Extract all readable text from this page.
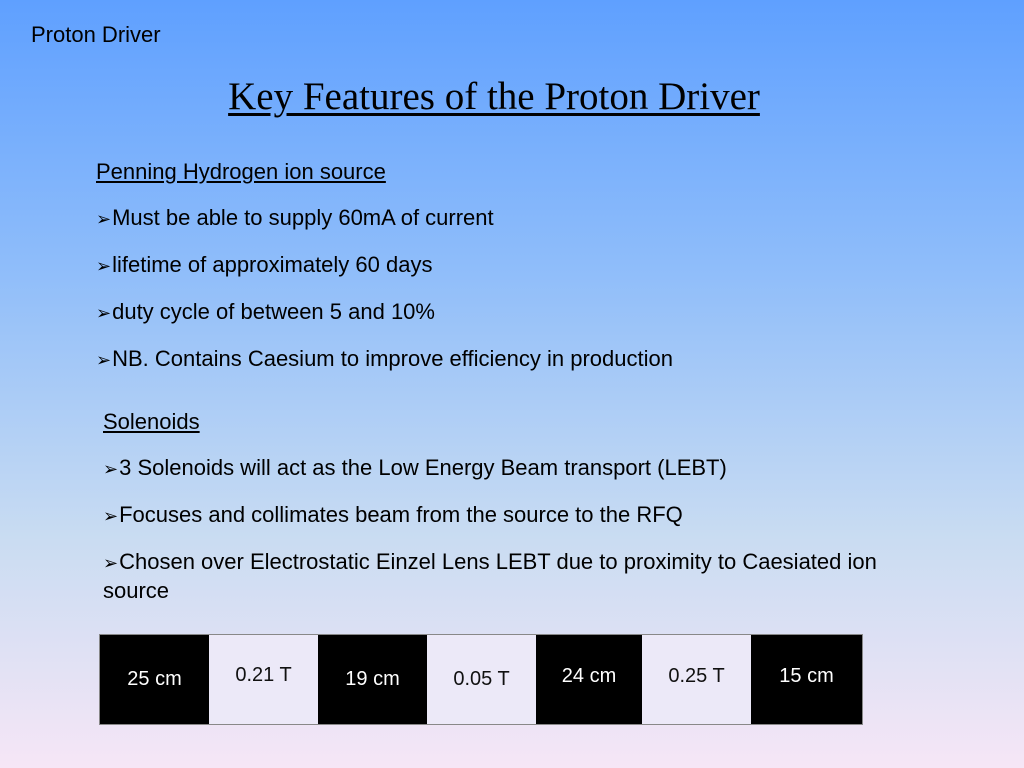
Proton Driver
Key Features of the Proton Driver
Penning Hydrogen ion source
➢Must be able to supply 60mA of current
➢lifetime of approximately 60 days
➢duty cycle of between 5 and 10%
➢NB. Contains Caesium to improve efficiency in production
Solenoids
➢3 Solenoids will act as the Low Energy Beam transport (LEBT)
➢Focuses and collimates beam from the source to the RFQ
➢Chosen over Electrostatic Einzel Lens LEBT due to proximity to Caesiated ion source
25 cm	0.21 T	19 cm	0.05 T	24 cm	0.25 T	15 cm
